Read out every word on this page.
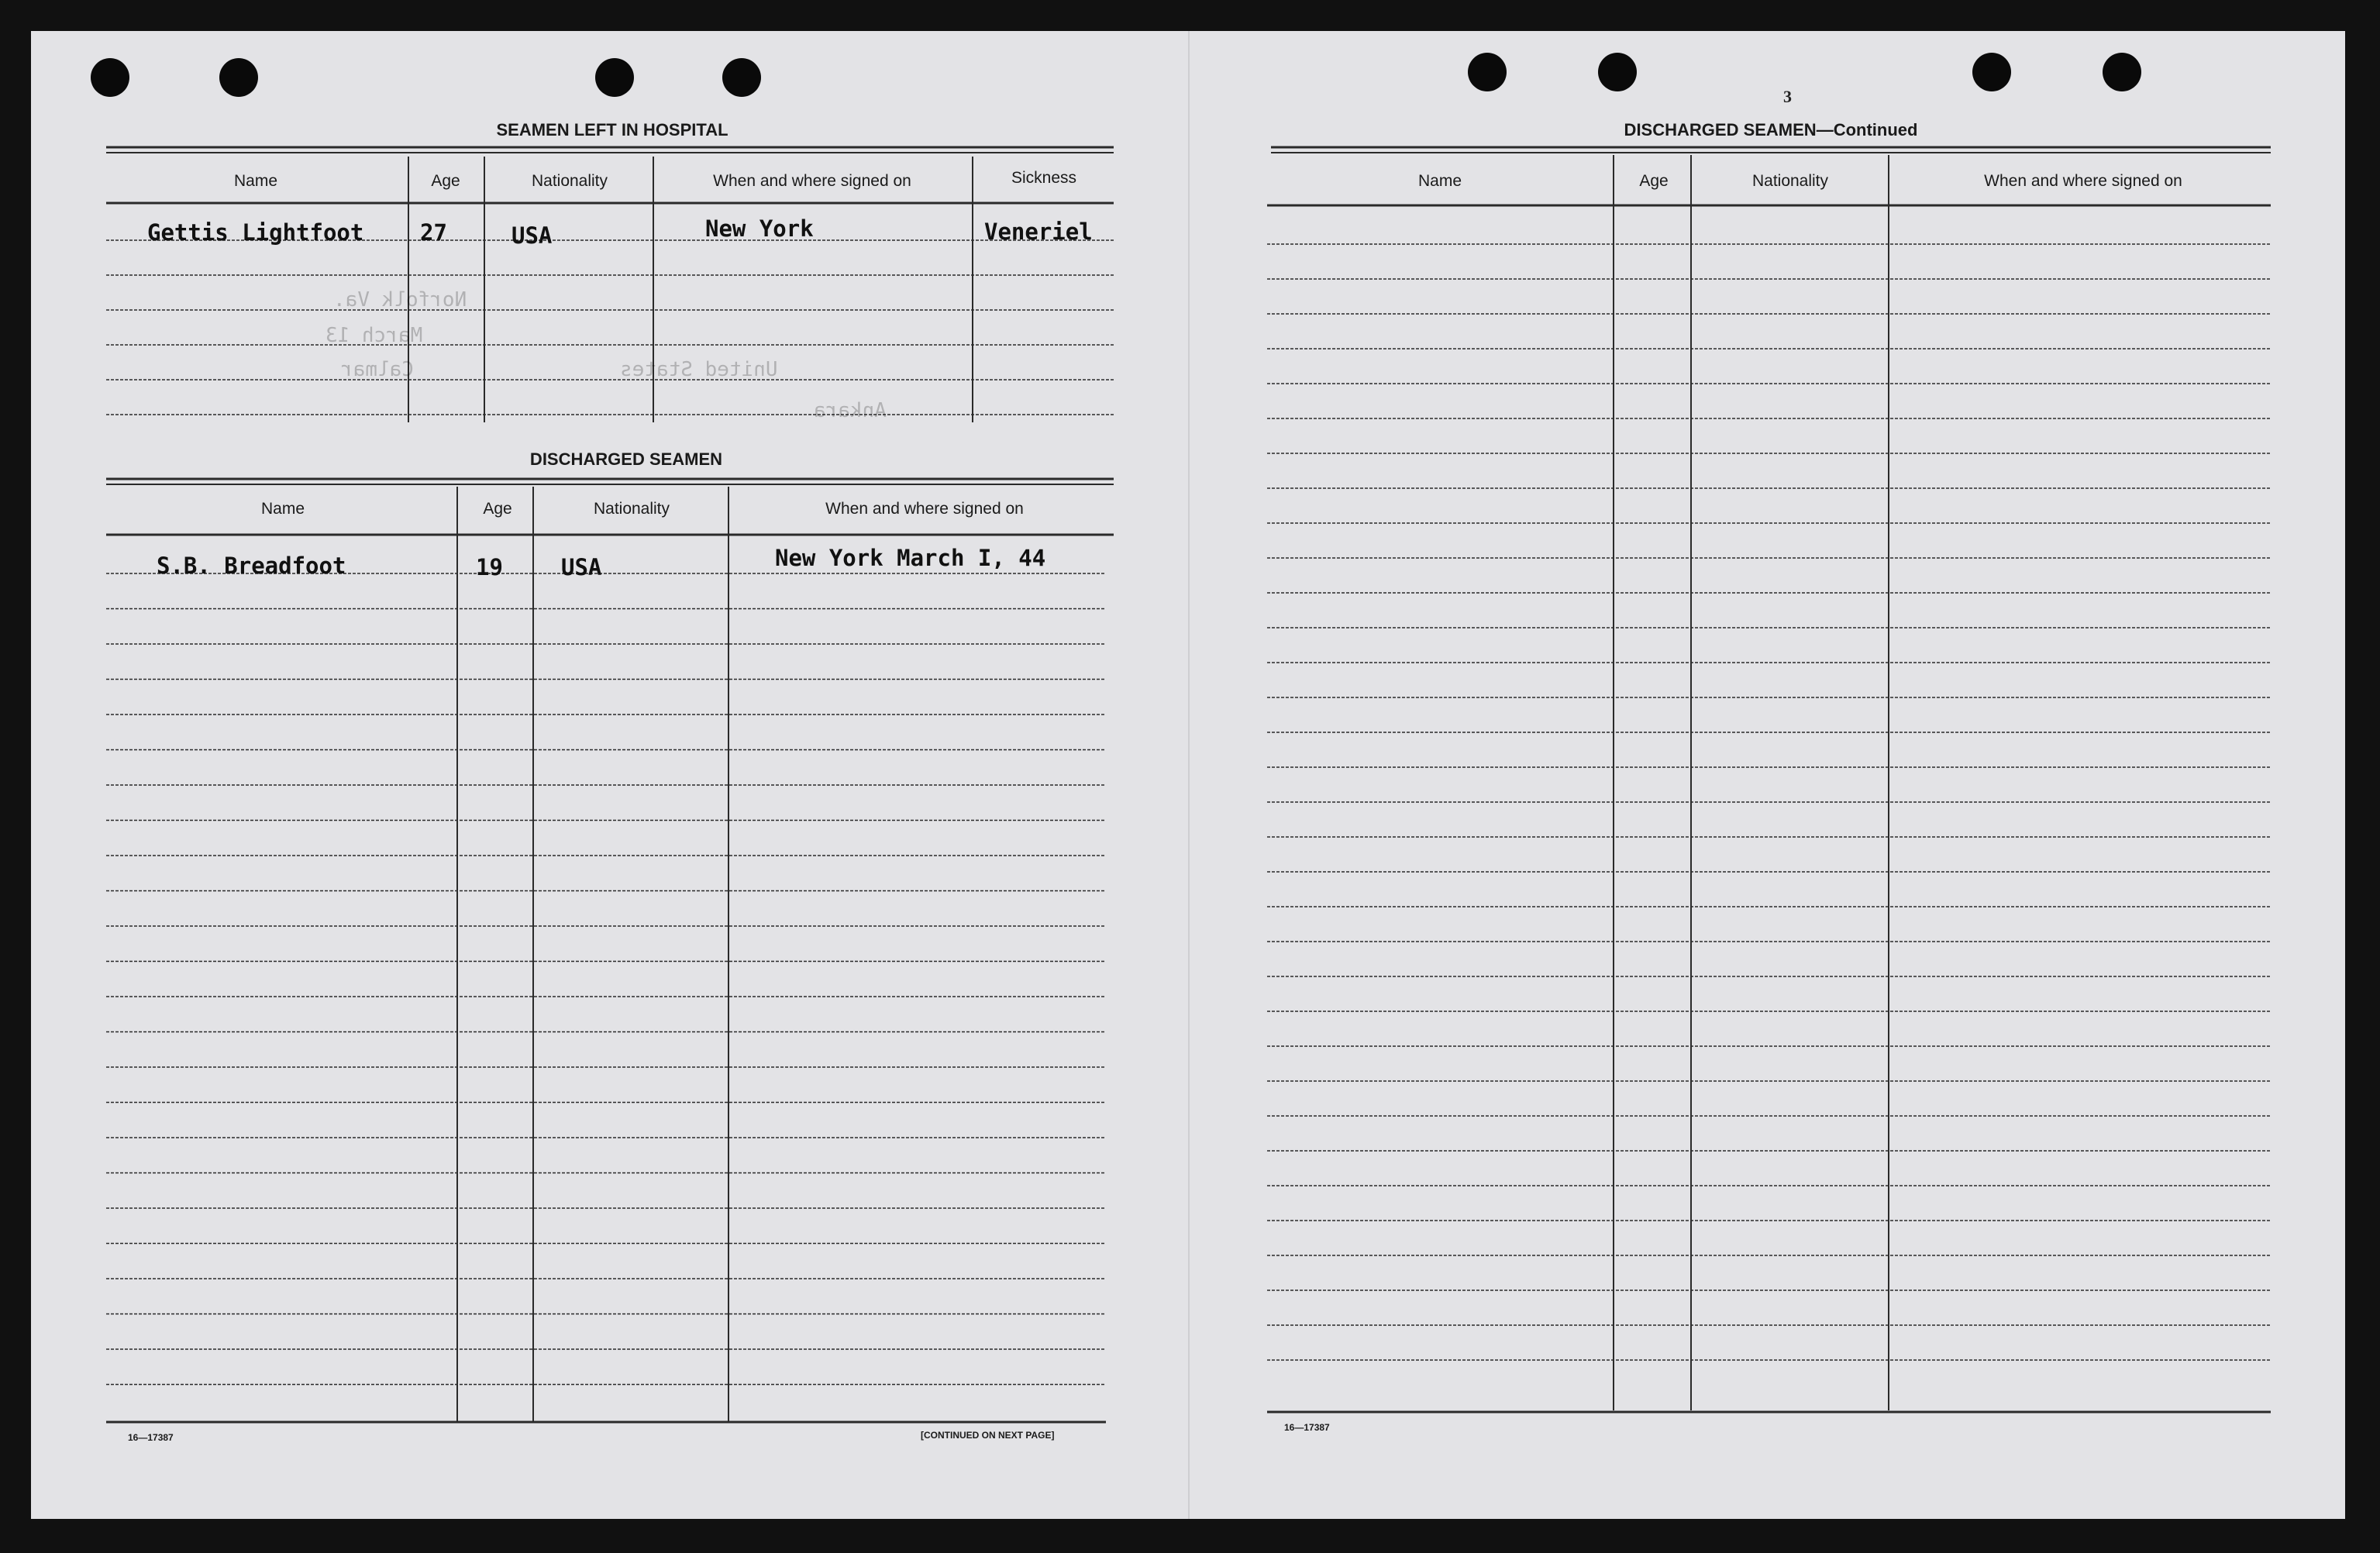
Norfolk Va.
March 13
United States
Calmar
Ankara
SEAMEN LEFT IN HOSPITAL
Name	Age	Nationality	When and where signed on	Sickness
Gettis Lightfoot	27	USA	New York	Veneriel
DISCHARGED SEAMEN
Name	Age	Nationality	When and where signed on
S.B. Breadfoot	19	USA	New York March I, 44
16—17387	[CONTINUED ON NEXT PAGE]
3
DISCHARGED SEAMEN—Continued
Name	Age	Nationality	When and where signed on
16—17387
